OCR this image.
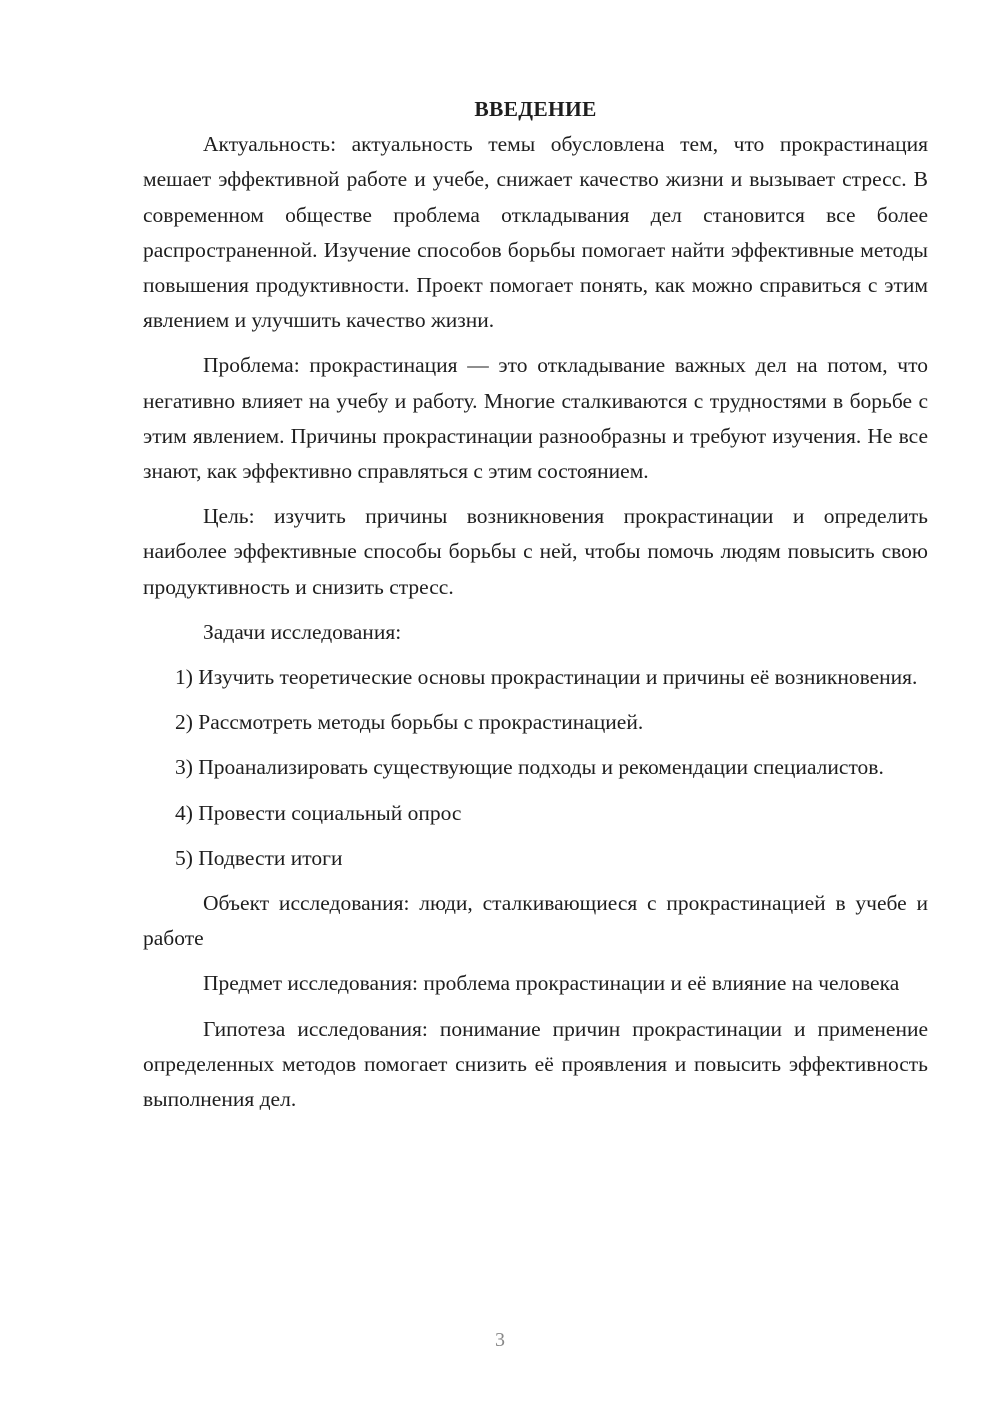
ВВЕДЕНИЕ

Актуальность: актуальность темы обусловлена тем, что прокрастинация мешает эффективной работе и учебе, снижает качество жизни и вызывает стресс. В современном обществе проблема откладывания дел становится все более распространенной. Изучение способов борьбы помогает найти эффективные методы повышения продуктивности. Проект помогает понять, как можно справиться с этим явлением и улучшить качество жизни.

Проблема: прокрастинация — это откладывание важных дел на потом, что негативно влияет на учебу и работу. Многие сталкиваются с трудностями в борьбе с этим явлением. Причины прокрастинации разнообразны и требуют изучения. Не все знают, как эффективно справляться с этим состоянием.

Цель: изучить причины возникновения прокрастинации и определить наиболее эффективные способы борьбы с ней, чтобы помочь людям повысить свою продуктивность и снизить стресс.

Задачи исследования:

1) Изучить теоретические основы прокрастинации и причины её возникновения.

2) Рассмотреть методы борьбы с прокрастинацией.

3) Проанализировать существующие подходы и рекомендации специалистов.

4) Провести социальный опрос

5) Подвести итоги

Объект исследования: люди, сталкивающиеся с прокрастинацией в учебе и работе

Предмет исследования: проблема прокрастинации и её влияние на человека

Гипотеза исследования: понимание причин прокрастинации и применение определенных методов помогает снизить её проявления и повысить эффективность выполнения дел.

3
